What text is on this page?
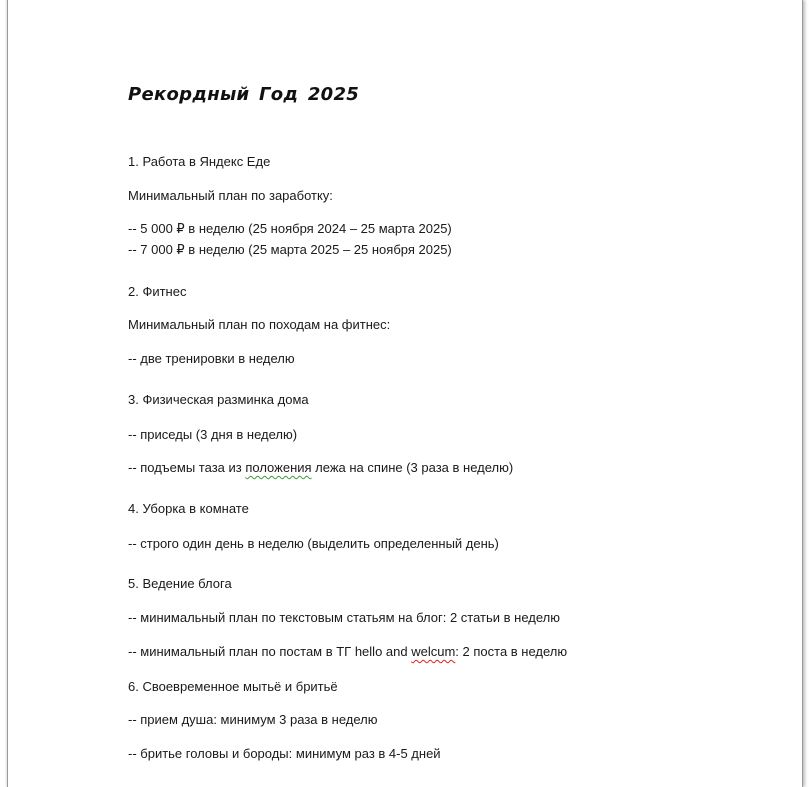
Рекордный Год 2025
1. Работа в Яндекс Еде
Минимальный план по заработку:
-- 5 000 ₽ в неделю (25 ноября 2024 – 25 марта 2025)
-- 7 000 ₽ в неделю (25 марта 2025 – 25 ноября 2025)
2. Фитнес
Минимальный план по походам на фитнес:
-- две тренировки в неделю
3. Физическая разминка дома
-- приседы (3 дня в неделю)
-- подъемы таза из положения лежа на спине (3 раза в неделю)
4. Уборка в комнате
-- строго один день в неделю (выделить определенный день)
5. Ведение блога
-- минимальный план по текстовым статьям на блог: 2 статьи в неделю
-- минимальный план по постам в ТГ hello and welcum: 2 поста в неделю
6. Своевременное мытьё и бритьё
-- прием душа: минимум 3 раза в неделю
-- бритье головы и бороды: минимум раз в 4-5 дней
